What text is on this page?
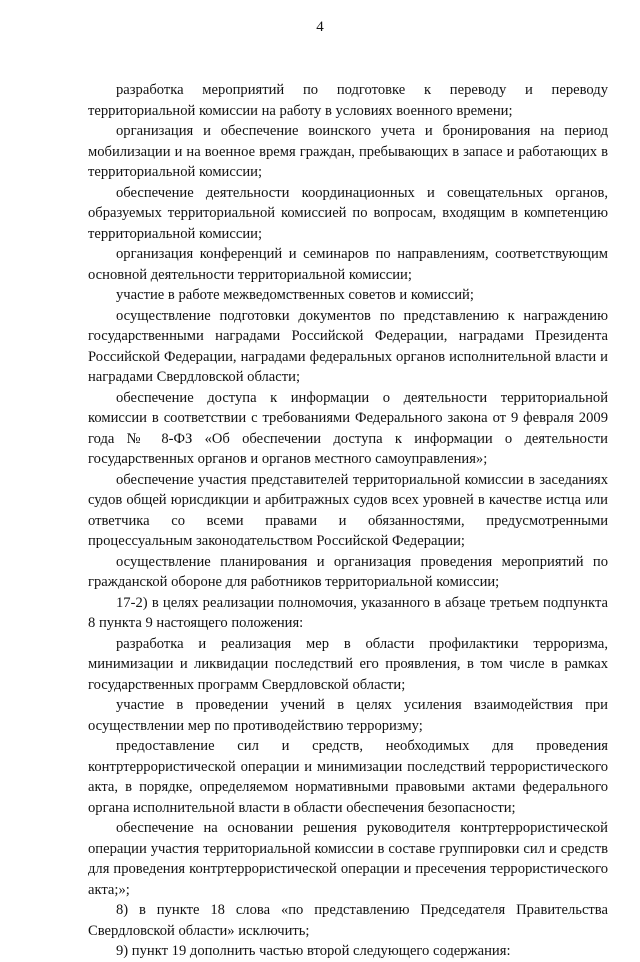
4

разработка мероприятий по подготовке к переводу и переводу территориальной комиссии на работу в условиях военного времени;

организация и обеспечение воинского учета и бронирования на период мобилизации и на военное время граждан, пребывающих в запасе и работающих в территориальной комиссии;

обеспечение деятельности координационных и совещательных органов, образуемых территориальной комиссией по вопросам, входящим в компетенцию территориальной комиссии;

организация конференций и семинаров по направлениям, соответствующим основной деятельности территориальной комиссии;

участие в работе межведомственных советов и комиссий;

осуществление подготовки документов по представлению к награждению государственными наградами Российской Федерации, наградами Президента Российской Федерации, наградами федеральных органов исполнительной власти и наградами Свердловской области;

обеспечение доступа к информации о деятельности территориальной комиссии в соответствии с требованиями Федерального закона от 9 февраля 2009 года № 8-ФЗ «Об обеспечении доступа к информации о деятельности государственных органов и органов местного самоуправления»;

обеспечение участия представителей территориальной комиссии в заседаниях судов общей юрисдикции и арбитражных судов всех уровней в качестве истца или ответчика со всеми правами и обязанностями, предусмотренными процессуальным законодательством Российской Федерации;

осуществление планирования и организация проведения мероприятий по гражданской обороне для работников территориальной комиссии;

17-2) в целях реализации полномочия, указанного в абзаце третьем подпункта 8 пункта 9 настоящего положения:

разработка и реализация мер в области профилактики терроризма, минимизации и ликвидации последствий его проявления, в том числе в рамках государственных программ Свердловской области;

участие в проведении учений в целях усиления взаимодействия при осуществлении мер по противодействию терроризму;

предоставление сил и средств, необходимых для проведения контртеррористической операции и минимизации последствий террористического акта, в порядке, определяемом нормативными правовыми актами федерального органа исполнительной власти в области обеспечения безопасности;

обеспечение на основании решения руководителя контртеррористической операции участия территориальной комиссии в составе группировки сил и средств для проведения контртеррористической операции и пресечения террористического акта;»;

8) в пункте 18 слова «по представлению Председателя Правительства Свердловской области» исключить;

9) пункт 19 дополнить частью второй следующего содержания:
